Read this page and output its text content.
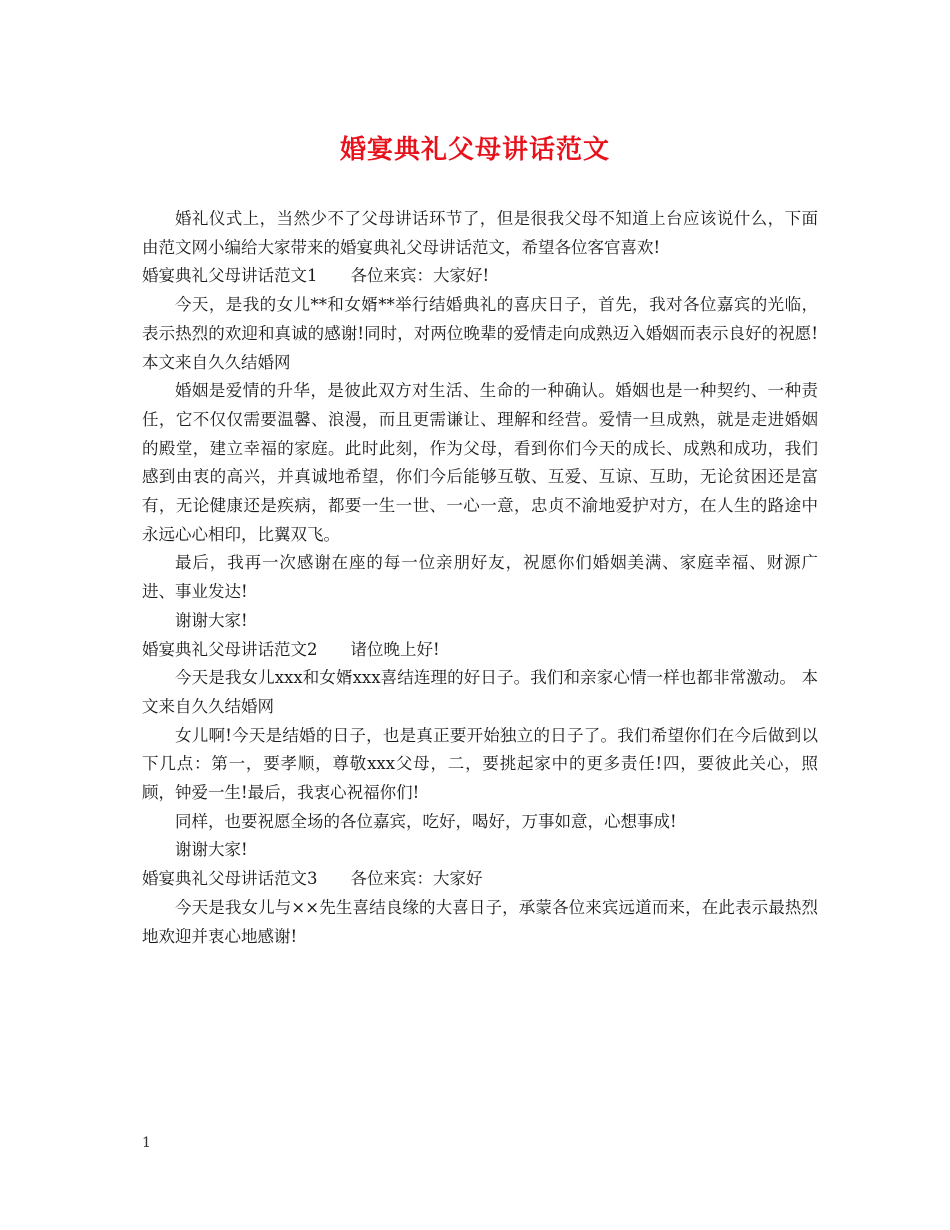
婚宴典礼父母讲话范文

婚礼仪式上，当然少不了父母讲话环节了，但是很我父母不知道上台应该说什么，下面由范文网小编给大家带来的婚宴典礼父母讲话范文，希望各位客官喜欢!

婚宴典礼父母讲话范文1　　各位来宾：大家好!

今天，是我的女儿**和女婿**举行结婚典礼的喜庆日子，首先，我对各位嘉宾的光临，表示热烈的欢迎和真诚的感谢!同时，对两位晚辈的爱情走向成熟迈入婚姻而表示良好的祝愿! 本文来自久久结婚网

婚姻是爱情的升华，是彼此双方对生活、生命的一种确认。婚姻也是一种契约、一种责任，它不仅仅需要温馨、浪漫，而且更需谦让、理解和经营。爱情一旦成熟，就是走进婚姻的殿堂，建立幸福的家庭。此时此刻，作为父母，看到你们今天的成长、成熟和成功，我们感到由衷的高兴，并真诚地希望，你们今后能够互敬、互爱、互谅、互助，无论贫困还是富有，无论健康还是疾病，都要一生一世、一心一意，忠贞不渝地爱护对方，在人生的路途中永远心心相印，比翼双飞。

最后，我再一次感谢在座的每一位亲朋好友，祝愿你们婚姻美满、家庭幸福、财源广进、事业发达!

谢谢大家!

婚宴典礼父母讲话范文2　　诸位晚上好!

今天是我女儿xxx和女婿xxx喜结连理的好日子。我们和亲家心情一样也都非常激动。 本文来自久久结婚网

女儿啊!今天是结婚的日子，也是真正要开始独立的日子了。我们希望你们在今后做到以下几点：第一，要孝顺，尊敬xxx父母，二，要挑起家中的更多责任!四，要彼此关心，照顾，钟爱一生!最后，我衷心祝福你们!

同样，也要祝愿全场的各位嘉宾，吃好，喝好，万事如意，心想事成!

谢谢大家!

婚宴典礼父母讲话范文3　　各位来宾：大家好

今天是我女儿与××先生喜结良缘的大喜日子，承蒙各位来宾远道而来，在此表示最热烈地欢迎并衷心地感谢!

1
